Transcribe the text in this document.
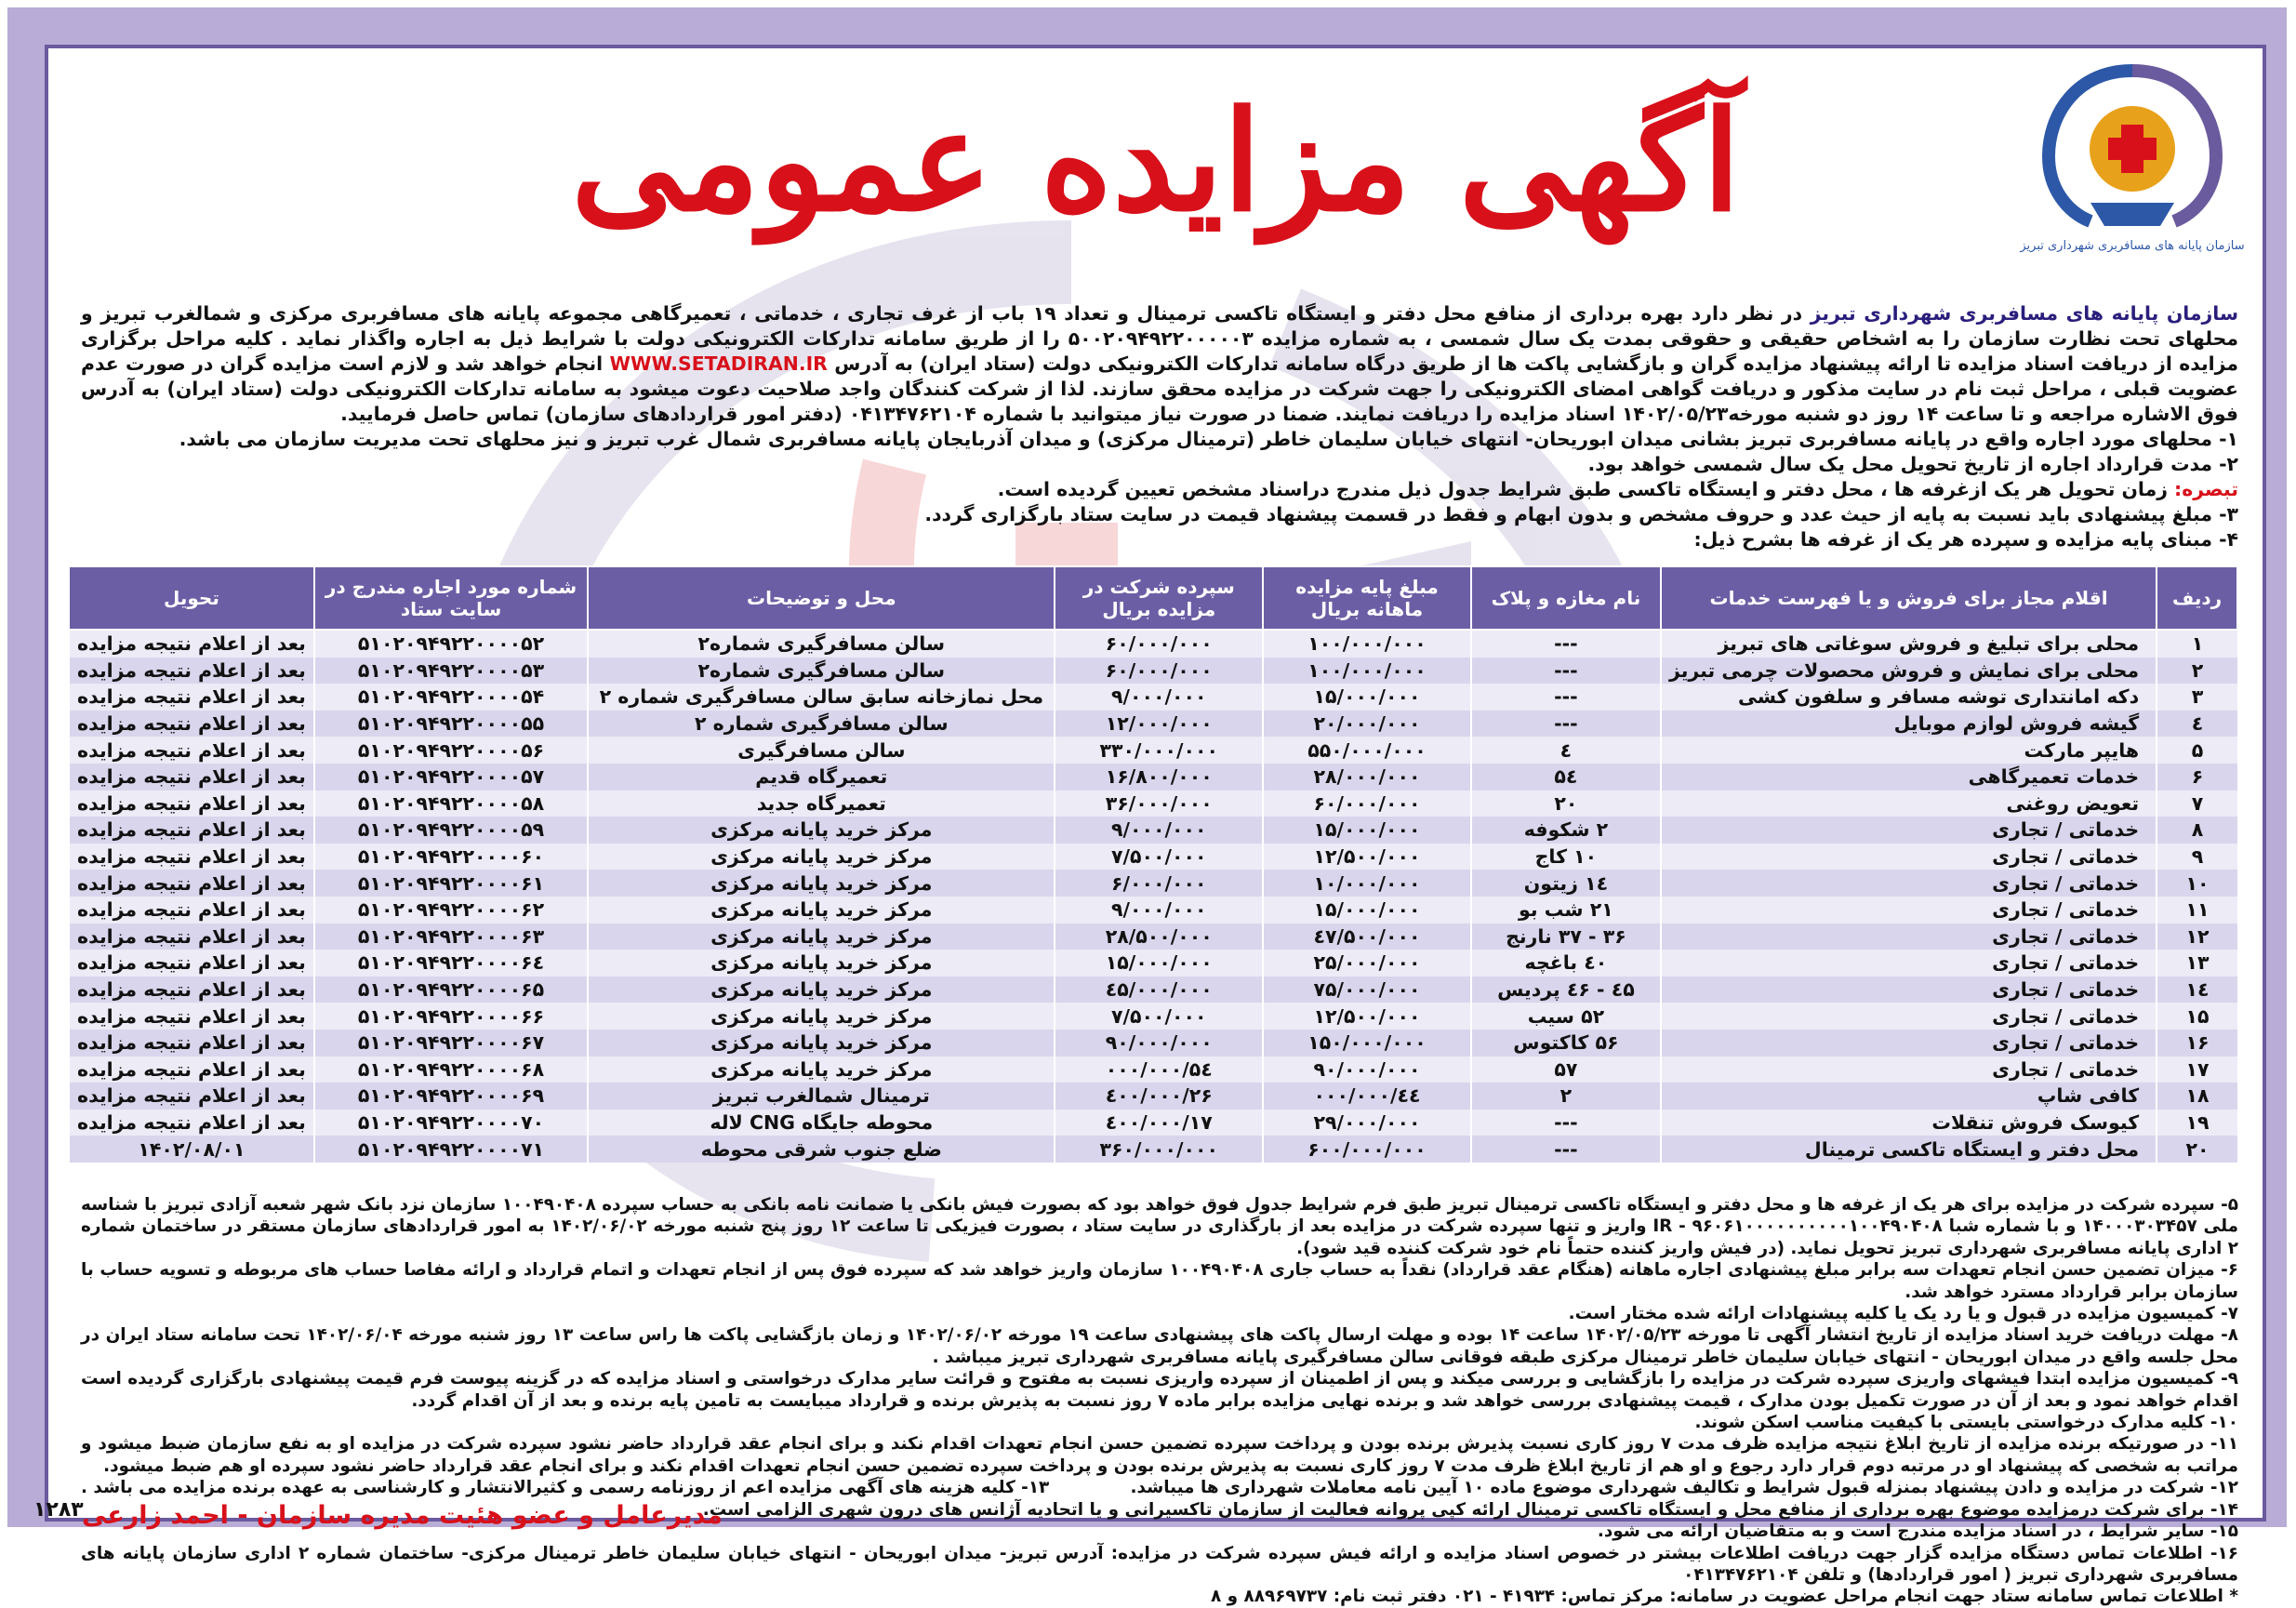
سازمان پایانه های مسافربری شهرداری تبریز
آگهی مزایده عمومی

سازمان پایانه های مسافربری شهرداری تبریز در نظر دارد بهره برداری از منافع محل دفتر و ایستگاه تاکسی ترمینال و تعداد ۱۹ باب از غرف تجاری ، خدماتی ، تعمیرگاهی مجموعه پایانه های مسافربری مرکزی و شمالغرب تبریز و محلهای تحت نظارت سازمان را به اشخاص حقیقی و حقوقی بمدت یک سال شمسی ، به شماره مزایده ۵۰۰۲۰۹۴۹۲۲۰۰۰۰۰۳ را از طریق سامانه تدارکات الکترونیکی دولت با شرایط ذیل به اجاره واگذار نماید . کلیه مراحل برگزاری مزایده از دریافت اسناد مزایده تا ارائه پیشنهاد مزایده گران و بازگشایی پاکت ها از طریق درگاه سامانه تدارکات الکترونیکی دولت (ستاد ایران) به آدرس WWW.SETADIRAN.IR انجام خواهد شد و لازم است مزایده گران در صورت عدم عضویت قبلی ، مراحل ثبت نام در سایت مذکور و دریافت گواهی امضای الکترونیکی را جهت شرکت در مزایده محقق سازند. لذا از شرکت کنندگان واجد صلاحیت دعوت میشود به سامانه تدارکات الکترونیکی دولت (ستاد ایران) به آدرس فوق الاشاره مراجعه و تا ساعت ۱۴ روز دو شنبه مورخه۱۴۰۲/۰۵/۲۳ اسناد مزایده را دریافت نمایند. ضمنا در صورت نیاز میتوانید با شماره ۰۴۱۳۴۷۶۲۱۰۴ (دفتر امور قراردادهای سازمان) تماس حاصل فرمایید.

۱- محلهای مورد اجاره واقع در پایانه مسافربری تبریز بشانی میدان ابوریحان- انتهای خیابان سلیمان خاطر (ترمینال مرکزی) و میدان آذربایجان پایانه مسافربری شمال غرب تبریز و نیز محلهای تحت مدیریت سازمان می باشد.

۲- مدت قرارداد اجاره از تاریخ تحویل محل یک سال شمسی خواهد بود.

تبصره: زمان تحویل هر یک ازغرفه ها ، محل دفتر و ایستگاه تاکسی طبق شرایط جدول ذیل مندرج دراسناد مشخص تعیین گردیده است.

۳- مبلغ پیشنهادی باید نسبت به پایه از حیث عدد و حروف مشخص و بدون ابهام و فقط در قسمت پیشنهاد قیمت در سایت ستاد بارگزاری گردد.

۴- مبنای پایه مزایده و سپرده هر یک از غرفه ها بشرح ذیل:

ردیف	اقلام مجاز برای فروش و یا فهرست خدمات	نام مغازه و پلاک	مبلغ پایه مزایده ماهانه بریال	سپرده شرکت در مزایده بریال	محل و توضیحات	شماره مورد اجاره مندرج در سایت ستاد	تحویل
۱	محلی برای تبلیغ و فروش سوغاتی های تبریز	---	۱۰۰/۰۰۰/۰۰۰	۶۰/۰۰۰/۰۰۰	سالن مسافرگیری شماره۲	۵۱۰۲۰۹۴۹۲۲۰۰۰۰۵۲	بعد از اعلام نتیجه مزایده
۲	محلی برای نمایش و فروش محصولات چرمی تبریز	---	۱۰۰/۰۰۰/۰۰۰	۶۰/۰۰۰/۰۰۰	سالن مسافرگیری شماره۲	۵۱۰۲۰۹۴۹۲۲۰۰۰۰۵۳	بعد از اعلام نتیجه مزایده
۳	دکه امانتداری توشه مسافر و سلفون کشی	---	۱۵/۰۰۰/۰۰۰	۹/۰۰۰/۰۰۰	محل نمازخانه سابق سالن مسافرگیری شماره ۲	۵۱۰۲۰۹۴۹۲۲۰۰۰۰۵۴	بعد از اعلام نتیجه مزایده
٤	گیشه فروش لوازم موبایل	---	۲۰/۰۰۰/۰۰۰	۱۲/۰۰۰/۰۰۰	سالن مسافرگیری شماره ۲	۵۱۰۲۰۹۴۹۲۲۰۰۰۰۵۵	بعد از اعلام نتیجه مزایده
۵	هایپر مارکت	٤	۵۵۰/۰۰۰/۰۰۰	۳۳۰/۰۰۰/۰۰۰	سالن مسافرگیری	۵۱۰۲۰۹۴۹۲۲۰۰۰۰۵۶	بعد از اعلام نتیجه مزایده
۶	خدمات تعمیرگاهی	۵٤	۲۸/۰۰۰/۰۰۰	۱۶/۸۰۰/۰۰۰	تعمیرگاه قدیم	۵۱۰۲۰۹۴۹۲۲۰۰۰۰۵۷	بعد از اعلام نتیجه مزایده
۷	تعویض روغنی	۲۰	۶۰/۰۰۰/۰۰۰	۳۶/۰۰۰/۰۰۰	تعمیرگاه جدید	۵۱۰۲۰۹۴۹۲۲۰۰۰۰۵۸	بعد از اعلام نتیجه مزایده
۸	خدماتی / تجاری	۲ شکوفه	۱۵/۰۰۰/۰۰۰	۹/۰۰۰/۰۰۰	مرکز خرید پایانه مرکزی	۵۱۰۲۰۹۴۹۲۲۰۰۰۰۵۹	بعد از اعلام نتیجه مزایده
۹	خدماتی / تجاری	۱۰ کاج	۱۲/۵۰۰/۰۰۰	۷/۵۰۰/۰۰۰	مرکز خرید پایانه مرکزی	۵۱۰۲۰۹۴۹۲۲۰۰۰۰۶۰	بعد از اعلام نتیجه مزایده
۱۰	خدماتی / تجاری	۱٤ زیتون	۱۰/۰۰۰/۰۰۰	۶/۰۰۰/۰۰۰	مرکز خرید پایانه مرکزی	۵۱۰۲۰۹۴۹۲۲۰۰۰۰۶۱	بعد از اعلام نتیجه مزایده
۱۱	خدماتی / تجاری	۲۱ شب بو	۱۵/۰۰۰/۰۰۰	۹/۰۰۰/۰۰۰	مرکز خرید پایانه مرکزی	۵۱۰۲۰۹۴۹۲۲۰۰۰۰۶۲	بعد از اعلام نتیجه مزایده
۱۲	خدماتی / تجاری	۳۶ - ۳۷ نارنج	٤۷/۵۰۰/۰۰۰	۲۸/۵۰۰/۰۰۰	مرکز خرید پایانه مرکزی	۵۱۰۲۰۹۴۹۲۲۰۰۰۰۶۳	بعد از اعلام نتیجه مزایده
۱۳	خدماتی / تجاری	٤۰ باغچه	۲۵/۰۰۰/۰۰۰	۱۵/۰۰۰/۰۰۰	مرکز خرید پایانه مرکزی	۵۱۰۲۰۹۴۹۲۲۰۰۰۰۶٤	بعد از اعلام نتیجه مزایده
۱٤	خدماتی / تجاری	٤۵ - ٤۶ پردیس	۷۵/۰۰۰/۰۰۰	٤۵/۰۰۰/۰۰۰	مرکز خرید پایانه مرکزی	۵۱۰۲۰۹۴۹۲۲۰۰۰۰۶۵	بعد از اعلام نتیجه مزایده
۱۵	خدماتی / تجاری	۵۲ سیب	۱۲/۵۰۰/۰۰۰	۷/۵۰۰/۰۰۰	مرکز خرید پایانه مرکزی	۵۱۰۲۰۹۴۹۲۲۰۰۰۰۶۶	بعد از اعلام نتیجه مزایده
۱۶	خدماتی / تجاری	۵۶ کاکتوس	۱۵۰/۰۰۰/۰۰۰	۹۰/۰۰۰/۰۰۰	مرکز خرید پایانه مرکزی	۵۱۰۲۰۹۴۹۲۲۰۰۰۰۶۷	بعد از اعلام نتیجه مزایده
۱۷	خدماتی / تجاری	۵۷	۹۰/۰۰۰/۰۰۰	۵٤/۰۰۰/۰۰۰	مرکز خرید پایانه مرکزی	۵۱۰۲۰۹۴۹۲۲۰۰۰۰۶۸	بعد از اعلام نتیجه مزایده
۱۸	کافی شاپ	۲	٤٤/۰۰۰/۰۰۰	۲۶/٤۰۰/۰۰۰	ترمینال شمالغرب تبریز	۵۱۰۲۰۹۴۹۲۲۰۰۰۰۶۹	بعد از اعلام نتیجه مزایده
۱۹	کیوسک فروش تنقلات	---	۲۹/۰۰۰/۰۰۰	۱۷/٤۰۰/۰۰۰	محوطه جایگاه CNG لاله	۵۱۰۲۰۹۴۹۲۲۰۰۰۰۷۰	بعد از اعلام نتیجه مزایده
۲۰	محل دفتر و ایستگاه تاکسی ترمینال	---	۶۰۰/۰۰۰/۰۰۰	۳۶۰/۰۰۰/۰۰۰	ضلع جنوب شرقی محوطه	۵۱۰۲۰۹۴۹۲۲۰۰۰۰۷۱	۱۴۰۲/۰۸/۰۱

۵- سپرده شرکت در مزایده برای هر یک از غرفه ها و محل دفتر و ایستگاه تاکسی ترمینال تبریز طبق فرم شرایط جدول فوق خواهد بود که بصورت فیش بانکی یا ضمانت نامه بانکی به حساب سپرده ۱۰۰۴۹۰۴۰۸ سازمان نزد بانک شهر شعبه آزادی تبریز با شناسه ملی ۱۴۰۰۰۳۰۳۴۵۷ و با شماره شبا IR - ۹۶۰۶۱۰۰۰۰۰۰۰۰۰۰۱۰۰۴۹۰۴۰۸ واریز و تنها سپرده شرکت در مزایده بعد از بارگذاری در سایت ستاد ، بصورت فیزیکی تا ساعت ۱۲ روز پنج شنبه مورخه ۱۴۰۲/۰۶/۰۲ به امور قراردادهای سازمان مستقر در ساختمان شماره ۲ اداری پایانه مسافربری شهرداری تبریز تحویل نماید. (در فیش واریز کننده حتماً نام خود شرکت کننده قید شود).

۶- میزان تضمین حسن انجام تعهدات سه برابر مبلغ پیشنهادی اجاره ماهانه (هنگام عقد قرارداد) نقداً به حساب جاری ۱۰۰۴۹۰۴۰۸ سازمان واریز خواهد شد که سپرده فوق پس از انجام تعهدات و اتمام قرارداد و ارائه مفاصا حساب های مربوطه و تسویه حساب با سازمان برابر قرارداد مسترد خواهد شد.

۷- کمیسیون مزایده در قبول و یا رد یک یا کلیه پیشنهادات ارائه شده مختار است.

۸- مهلت دریافت خرید اسناد مزایده از تاریخ انتشار آگهی تا مورخه ۱۴۰۲/۰۵/۲۳ ساعت ۱۴ بوده و مهلت ارسال پاکت های پیشنهادی ساعت ۱۹ مورخه ۱۴۰۲/۰۶/۰۲ و زمان بازگشایی پاکت ها راس ساعت ۱۳ روز شنبه مورخه ۱۴۰۲/۰۶/۰۴ تحت سامانه ستاد ایران در محل جلسه واقع در میدان ابوریحان - انتهای خیابان سلیمان خاطر ترمینال مرکزی طبقه فوقانی سالن مسافرگیری پایانه مسافربری شهرداری تبریز میباشد .

۹- کمیسیون مزایده ابتدا فیشهای واریزی سپرده شرکت در مزایده را بازگشایی و بررسی میکند و پس از اطمینان از سپرده واریزی نسبت به مفتوح و قرائت سایر مدارک درخواستی و اسناد مزایده که در گزینه پیوست فرم قیمت پیشنهادی بارگزاری گردیده است اقدام خواهد نمود و بعد از آن در صورت تکمیل بودن مدارک ، قیمت پیشنهادی بررسی خواهد شد و برنده نهایی مزایده برابر ماده ۷ روز نسبت به پذیرش برنده و قرارداد میبایست به تامین پایه برنده و بعد از آن اقدام گردد.

۱۰- کلیه مدارک درخواستی بایستی با کیفیت مناسب اسکن شوند.

۱۱- در صورتیکه برنده مزایده از تاریخ ابلاغ نتیجه مزایده ظرف مدت ۷ روز کاری نسبت پذیرش برنده بودن و پرداخت سپرده تضمین حسن انجام تعهدات اقدام نکند و برای انجام عقد قرارداد حاضر نشود سپرده شرکت در مزایده او به نفع سازمان ضبط میشود و مراتب به شخصی که پیشنهاد او در مرتبه دوم قرار دارد رجوع و او هم از تاریخ ابلاغ ظرف مدت ۷ روز کاری نسبت به پذیرش برنده بودن و پرداخت سپرده تضمین حسن انجام تعهدات اقدام نکند و برای انجام عقد قرارداد حاضر نشود سپرده او هم ضبط میشود.

۱۲- شرکت در مزایده و دادن پیشنهاد بمنزله قبول شرایط و تکالیف شهرداری موضوع ماده ۱۰ آیین نامه معاملات شهرداری ها میباشد.
۱۳- کلیه هزینه های آگهی مزایده اعم از روزنامه رسمی و کثیرالانتشار و کارشناسی به عهده برنده مزایده می باشد .

۱۴- برای شرکت درمزایده موضوع بهره برداری از منافع محل و ایستگاه تاکسی ترمینال ارائه کپی پروانه فعالیت از سازمان تاکسیرانی و یا اتحادیه آژانس های درون شهری الزامی است.

۱۵- سایر شرایط ، در اسناد مزایده مندرج است و به متقاضیان ارائه می شود.

۱۶- اطلاعات تماس دستگاه مزایده گزار جهت دریافت اطلاعات بیشتر در خصوص اسناد مزایده و ارائه فیش سپرده شرکت در مزایده: آدرس تبریز- میدان ابوریحان - انتهای خیابان سلیمان خاطر ترمینال مرکزی- ساختمان شماره ۲ اداری سازمان پایانه های مسافربری شهرداری تبریز ( امور قراردادها) و تلفن ۰۴۱۳۴۷۶۲۱۰۴

* اطلاعات تماس سامانه ستاد جهت انجام مراحل عضویت در سامانه: مرکز تماس: ۴۱۹۳۴ - ۰۲۱ دفتر ثبت نام: ۸۸۹۶۹۷۳۷ و ۸

مدیرعامل و عضو هئیت مدیره سازمان - احمد زارعی
۱۲۸۳
